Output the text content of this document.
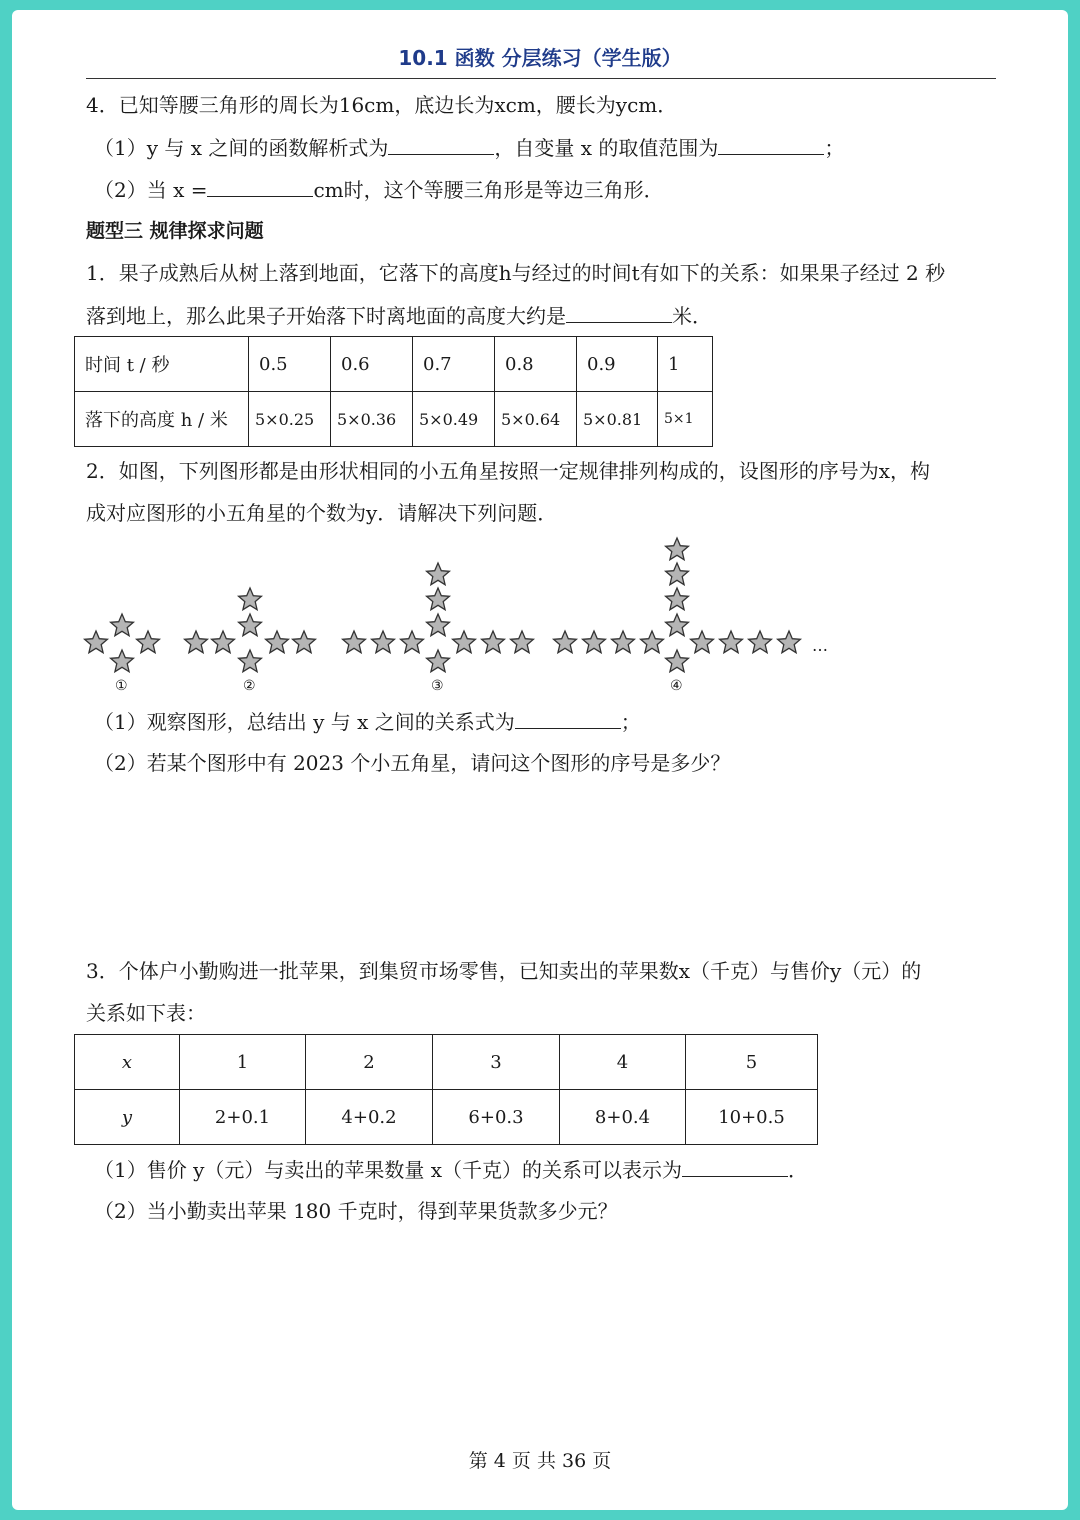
10.1 函数 分层练习（学生版）
4．已知等腰三角形的周长为16cm，底边长为xcm，腰长为ycm．
（1）y 与 x 之间的函数解析式为	，自变量 x 的取值范围为	；
（2）当 x =	cm时，这个等腰三角形是等边三角形．
题型三 规律探求问题
1．果子成熟后从树上落到地面，它落下的高度h与经过的时间t有如下的关系：如果果子经过 2 秒
落到地上，那么此果子开始落下时离地面的高度大约是	米．
时间 t / 秒	0.5	0.6	0.7	0.8	0.9	1
落下的高度 h / 米	5×0.25	5×0.36	5×0.49	5×0.64	5×0.81	5×1
2．如图，下列图形都是由形状相同的小五角星按照一定规律排列构成的，设图形的序号为x，构
成对应图形的小五角星的个数为y．请解决下列问题．
①	②	③	④
…
（1）观察图形，总结出 y 与 x 之间的关系式为	；
（2）若某个图形中有 2023 个小五角星，请问这个图形的序号是多少？
3．个体户小勤购进一批苹果，到集贸市场零售，已知卖出的苹果数x（千克）与售价y（元）的
关系如下表：
x	1	2	3	4	5
y	2+0.1	4+0.2	6+0.3	8+0.4	10+0.5
（1）售价 y（元）与卖出的苹果数量 x（千克）的关系可以表示为	．
（2）当小勤卖出苹果 180 千克时，得到苹果货款多少元？
第 4 页 共 36 页
